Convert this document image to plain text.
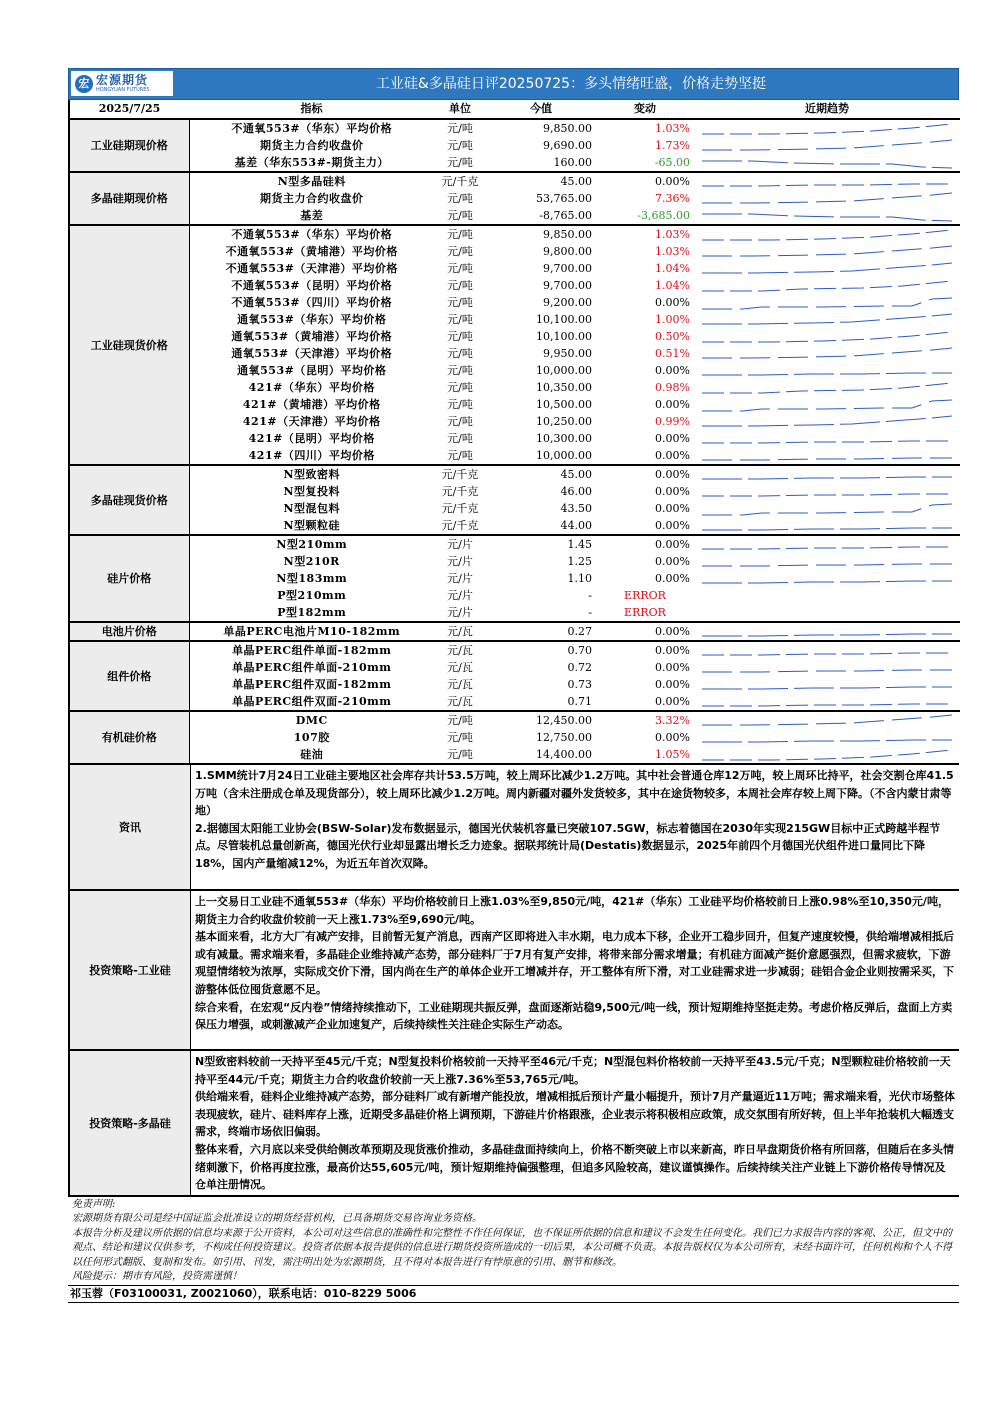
宏 宏源期货
HONGYUAN FUTURES	工业硅&多晶硅日评20250725：多头情绪旺盛，价格走势坚挺
2025/7/25	指标	单位	今值	变动	近期趋势
工业硅期现价格	不通氧553#（华东）平均价格	元/吨	9,850.00	1.03%	

	期货主力合约收盘价	元/吨	9,690.00	1.73%	

	基差（华东553#-期货主力）	元/吨	160.00	-65.00	

多晶硅期现价格	N型多晶硅料	元/千克	45.00	0.00%	

	期货主力合约收盘价	元/吨	53,765.00	7.36%	

	基差	元/吨	-8,765.00	-3,685.00	

工业硅现货价格	不通氧553#（华东）平均价格	元/吨	9,850.00	1.03%	

	不通氧553#（黄埔港）平均价格	元/吨	9,800.00	1.03%	

	不通氧553#（天津港）平均价格	元/吨	9,700.00	1.04%	

	不通氧553#（昆明）平均价格	元/吨	9,700.00	1.04%	

	不通氧553#（四川）平均价格	元/吨	9,200.00	0.00%	

	通氧553#（华东）平均价格	元/吨	10,100.00	1.00%	

	通氧553#（黄埔港）平均价格	元/吨	10,100.00	0.50%	

	通氧553#（天津港）平均价格	元/吨	9,950.00	0.51%	

	通氧553#（昆明）平均价格	元/吨	10,000.00	0.00%	

	421#（华东）平均价格	元/吨	10,350.00	0.98%	

	421#（黄埔港）平均价格	元/吨	10,500.00	0.00%	

	421#（天津港）平均价格	元/吨	10,250.00	0.99%	

	421#（昆明）平均价格	元/吨	10,300.00	0.00%	

	421#（四川）平均价格	元/吨	10,000.00	0.00%	

多晶硅现货价格	N型致密料	元/千克	45.00	0.00%	

	N型复投料	元/千克	46.00	0.00%	

	N型混包料	元/千克	43.50	0.00%	

	N型颗粒硅	元/千克	44.00	0.00%	

硅片价格	N型210mm	元/片	1.45	0.00%	

	N型210R	元/片	1.25	0.00%	

	N型183mm	元/片	1.10	0.00%	

	P型210mm	元/片	-	ERROR	
	P型182mm	元/片	-	ERROR	
电池片价格	单晶PERC电池片M10-182mm	元/瓦	0.27	0.00%	

组件价格	单晶PERC组件单面-182mm	元/瓦	0.70	0.00%	

	单晶PERC组件单面-210mm	元/瓦	0.72	0.00%	

	单晶PERC组件双面-182mm	元/瓦	0.73	0.00%	

	单晶PERC组件双面-210mm	元/瓦	0.71	0.00%	

有机硅价格	DMC	元/吨	12,450.00	3.32%	

	107胶	元/吨	12,750.00	0.00%	

	硅油	元/吨	14,400.00	1.05%	
资讯

1.SMM统计7月24日工业硅主要地区社会库存共计53.5万吨，较上周环比减少1.2万吨。其中社会普通仓库12万吨，较上周环比持平，社会交割仓库41.5万吨（含未注册成仓单及现货部分），较上周环比减少1.2万吨。周内新疆对疆外发货较多，其中在途货物较多，本周社会库存较上周下降。（不含内蒙甘肃等地）

2.据德国太阳能工业协会(BSW-Solar)发布数据显示，德国光伏装机容量已突破107.5GW，标志着德国在2030年实现215GW目标中正式跨越半程节点。尽管装机总量创新高，德国光伏行业却显露出增长乏力迹象。据联邦统计局(Destatis)数据显示，2025年前四个月德国光伏组件进口量同比下降18%，国内产量缩减12%，为近五年首次双降。

投资策略-工业硅

上一交易日工业硅不通氧553#（华东）平均价格较前日上涨1.03%至9,850元/吨，421#（华东）工业硅平均价格较前日上涨0.98%至10,350元/吨，期货主力合约收盘价较前一天上涨1.73%至9,690元/吨。

基本面来看，北方大厂有减产安排，目前暂无复产消息，西南产区即将进入丰水期，电力成本下移，企业开工稳步回升，但复产速度较慢，供给端增减相抵后或有减量。需求端来看，多晶硅企业维持减产态势，部分硅料厂于7月有复产安排，将带来部分需求增量；有机硅方面减产挺价意愿强烈，但需求疲软，下游观望情绪较为浓厚，实际成交价下滑，国内尚在生产的单体企业开工增减并存，开工整体有所下滑，对工业硅需求进一步减弱；硅铝合金企业则按需采买，下游整体低位囤货意愿不足。

综合来看，在宏观“反内卷”情绪持续推动下，工业硅期现共振反弹，盘面逐渐站稳9,500元/吨一线，预计短期维持坚挺走势。考虑价格反弹后，盘面上方卖保压力增强，或刺激减产企业加速复产，后续持续性关注硅企实际生产动态。

投资策略-多晶硅

N型致密料较前一天持平至45元/千克；N型复投料价格较前一天持平至46元/千克；N型混包料价格较前一天持平至43.5元/千克；N型颗粒硅价格较前一天持平至44元/千克；期货主力合约收盘价较前一天上涨7.36%至53,765元/吨。

供给端来看，硅料企业维持减产态势，部分硅料厂或有新增产能投放，增减相抵后预计产量小幅提升，预计7月产量逼近11万吨；需求端来看，光伏市场整体表现疲软，硅片、硅料库存上涨，近期受多晶硅价格上调预期，下游硅片价格跟涨，企业表示将积极相应政策，成交氛围有所好转，但上半年抢装机大幅透支需求，终端市场依旧偏弱。

整体来看，六月底以来受供给侧改革预期及现货涨价推动，多晶硅盘面持续向上，价格不断突破上市以来新高，昨日早盘期货价格有所回落，但随后在多头情绪刺激下，价格再度拉涨，最高价达55,605元/吨，预计短期维持偏强整理，但追多风险较高，建议谨慎操作。后续持续关注产业链上下游价格传导情况及仓单注册情况。

免责声明:

宏源期货有限公司是经中国证监会批准设立的期货经营机构，已具备期货交易咨询业务资格。

本报告分析及建议所依据的信息均来源于公开资料，本公司对这些信息的准确性和完整性不作任何保证，也不保证所依据的信息和建议不会发生任何变化。我们已力求报告内容的客观、公正，但文中的观点、结论和建议仅供参考，不构成任何投资建议。投资者依据本报告提供的信息进行期货投资所造成的一切后果，本公司概不负责。本报告版权仅为本公司所有，未经书面许可，任何机构和个人不得以任何形式翻版、复制和发布。如引用、刊发，需注明出处为宏源期货，且不得对本报告进行有悖原意的引用、删节和修改。

风险提示：期市有风险，投资需谨慎！

祁玉蓉（F03100031, Z0021060），联系电话：010-8229 5006
